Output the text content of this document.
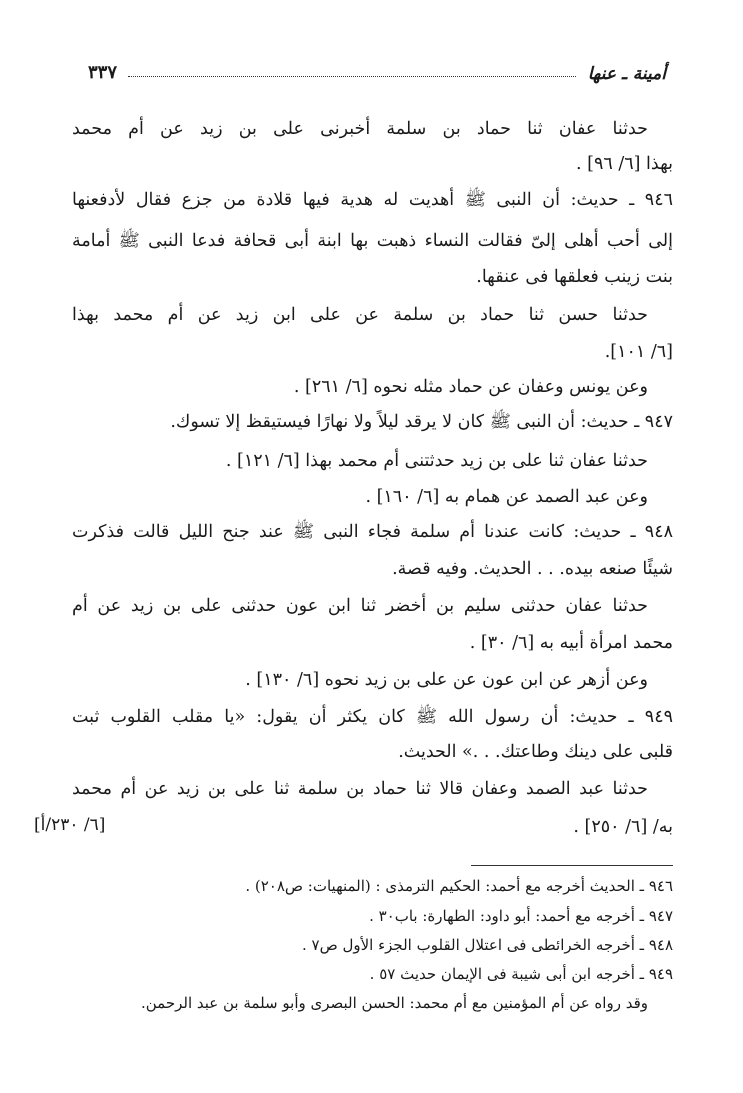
أمينة ـ عنها
٣٣٧
حدثنا عفان ثنا حماد بن سلمة أخبرنى على بن زيد عن أم محمد
بهذا [٦/ ٩٦] .
٩٤٦ ـ حديث: أن النبى ﷺ أهديت له هدية فيها قلادة من جزع فقال لأدفعنها
إلى أحب أهلى إلىّ فقالت النساء ذهبت بها ابنة أبى قحافة فدعا النبى ﷺ أمامة
بنت زينب فعلقها فى عنقها.
حدثنا حسن ثنا حماد بن سلمة عن على ابن زيد عن أم محمد بهذا
[٦/ ١٠١].
وعن يونس وعفان عن حماد مثله نحوه [٦/ ٢٦١] .
٩٤٧ ـ حديث: أن النبى ﷺ كان لا يرقد ليلاً ولا نهارًا فيستيقظ إلا تسوك.
حدثنا عفان ثنا على بن زيد حدثتنى أم محمد بهذا [٦/ ١٢١] .
وعن عبد الصمد عن همام به [٦/ ١٦٠] .
٩٤٨ ـ حديث: كانت عندنا أم سلمة فجاء النبى ﷺ عند جنح الليل قالت فذكرت
شيئًا صنعه بيده. . . الحديث. وفيه قصة.
حدثنا عفان حدثنى سليم بن أخضر ثنا ابن عون حدثنى على بن زيد عن أم
محمد امرأة أبيه به [٦/ ٣٠] .
وعن أزهر عن ابن عون عن على بن زيد نحوه [٦/ ١٣٠] .
٩٤٩ ـ حديث: أن رسول الله ﷺ كان يكثر أن يقول: «يا مقلب القلوب ثبت
قلبى على دينك وطاعتك. . .» الحديث.
حدثنا عبد الصمد وعفان قالا ثنا حماد بن سلمة ثنا على بن زيد عن أم محمد
به/ [٦/ ٢٥٠] .
[٦/ ٢٣٠/أ]
٩٤٦ ـ الحديث أخرجه مع أحمد: الحكيم الترمذى : (المنهيات: ص٢٠٨) .
٩٤٧ ـ أخرجه مع أحمد: أبو داود: الطهارة: باب٣٠ .
٩٤٨ ـ أخرجه الخرائطى فى اعتلال القلوب الجزء الأول ص٧ .
٩٤٩ ـ أخرجه ابن أبى شيبة فى الإيمان حديث ٥٧ .
وقد رواه عن أم المؤمنين مع أم محمد: الحسن البصرى وأبو سلمة بن عبد الرحمن.
